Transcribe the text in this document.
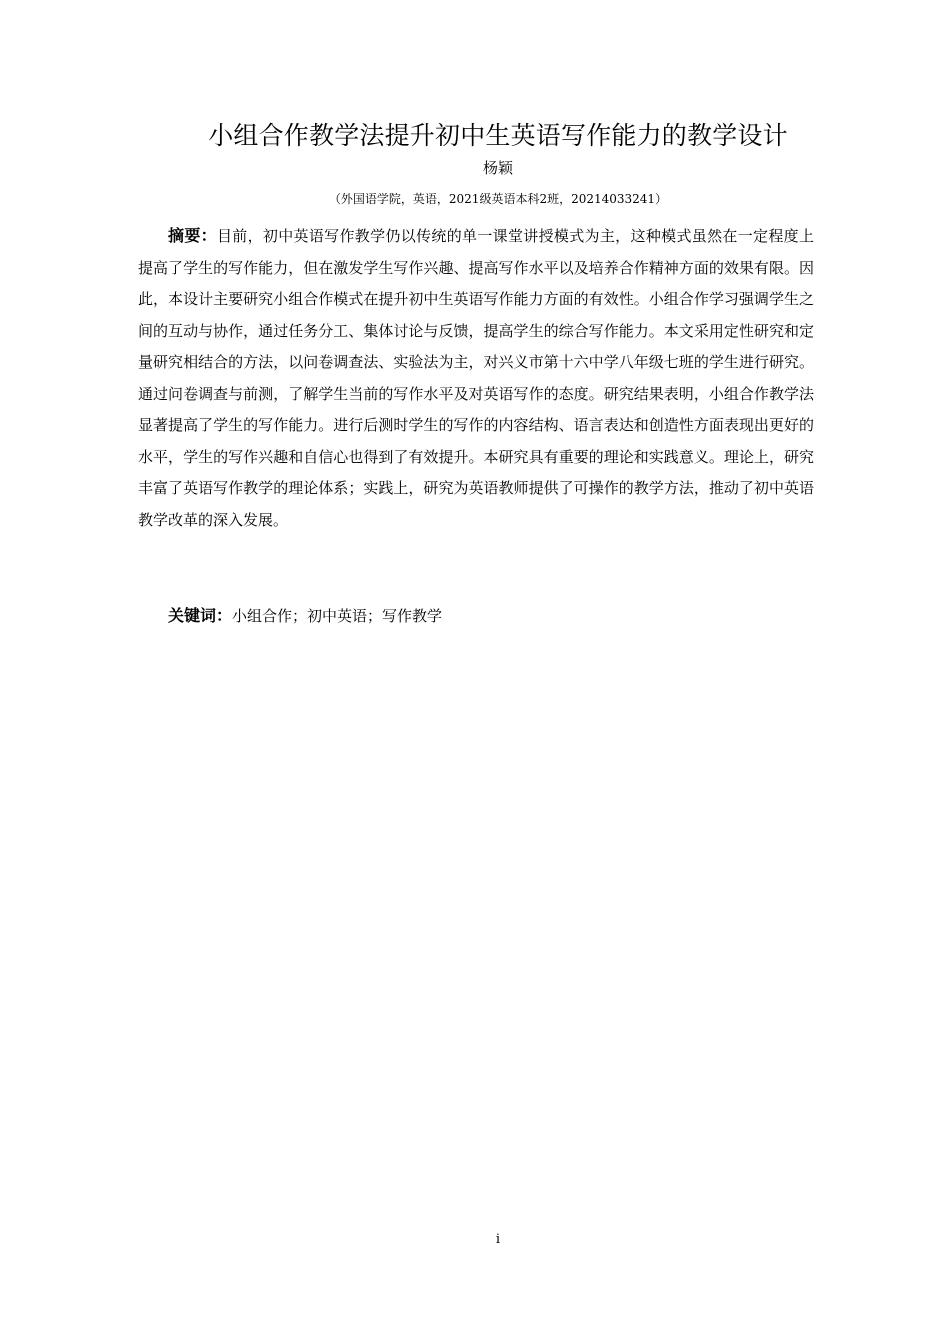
小组合作教学法提升初中生英语写作能力的教学设计
杨颖
（外国语学院，英语，2021级英语本科2班，20214033241）

摘要：目前，初中英语写作教学仍以传统的单一课堂讲授模式为主，这种模式虽然在一定程度上提高了学生的写作能力，但在激发学生写作兴趣、提高写作水平以及培养合作精神方面的效果有限。因此，本设计主要研究小组合作模式在提升初中生英语写作能力方面的有效性。小组合作学习强调学生之间的互动与协作，通过任务分工、集体讨论与反馈，提高学生的综合写作能力。本文采用定性研究和定量研究相结合的方法，以问卷调查法、实验法为主，对兴义市第十六中学八年级七班的学生进行研究。通过问卷调查与前测，了解学生当前的写作水平及对英语写作的态度。研究结果表明，小组合作教学法显著提高了学生的写作能力。进行后测时学生的写作的内容结构、语言表达和创造性方面表现出更好的水平，学生的写作兴趣和自信心也得到了有效提升。本研究具有重要的理论和实践意义。理论上，研究丰富了英语写作教学的理论体系；实践上，研究为英语教师提供了可操作的教学方法，推动了初中英语教学改革的深入发展。

关键词：小组合作；初中英语；写作教学

i
